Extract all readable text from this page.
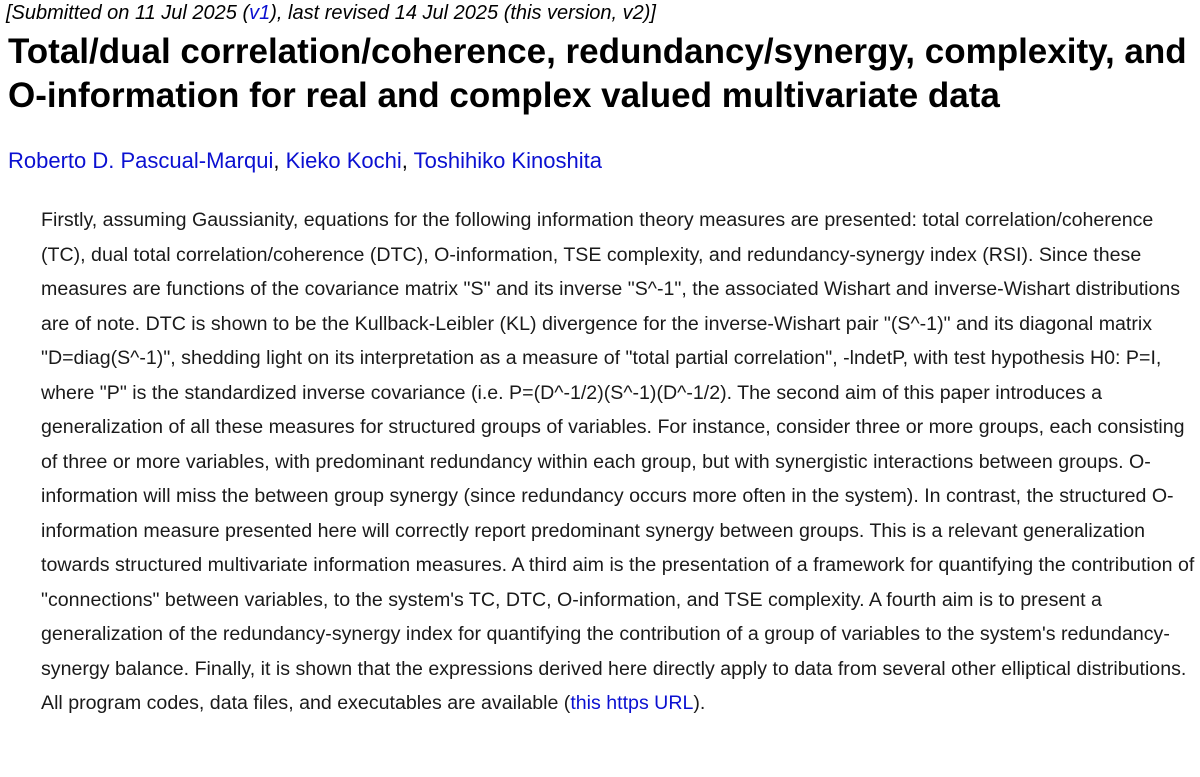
[Submitted on 11 Jul 2025 (v1), last revised 14 Jul 2025 (this version, v2)]
Total/dual correlation/coherence, redundancy/synergy, complexity, and O-information for real and complex valued multivariate data
Roberto D. Pascual-Marqui, Kieko Kochi, Toshihiko Kinoshita

Firstly, assuming Gaussianity, equations for the following information theory measures are presented: total correlation/coherence (TC), dual total correlation/coherence (DTC), O-information, TSE complexity, and redundancy-synergy index (RSI). Since these measures are functions of the covariance matrix "S" and its inverse "S^-1", the associated Wishart and inverse-Wishart distributions are of note. DTC is shown to be the Kullback-Leibler (KL) divergence for the inverse-Wishart pair "(S^-1)" and its diagonal matrix "D=diag(S^-1)", shedding light on its interpretation as a measure of "total partial correlation", -lndetP, with test hypothesis H0: P=I, where "P" is the standardized inverse covariance (i.e. P=(D^-1/2)(S^-1)(D^-1/2). The second aim of this paper introduces a generalization of all these measures for structured groups of variables. For instance, consider three or more groups, each consisting of three or more variables, with predominant redundancy within each group, but with synergistic interactions between groups. O-information will miss the between group synergy (since redundancy occurs more often in the system). In contrast, the structured O-information measure presented here will correctly report predominant synergy between groups. This is a relevant generalization towards structured multivariate information measures. A third aim is the presentation of a framework for quantifying the contribution of "connections" between variables, to the system's TC, DTC, O-information, and TSE complexity. A fourth aim is to present a generalization of the redundancy-synergy index for quantifying the contribution of a group of variables to the system's redundancy-synergy balance. Finally, it is shown that the expressions derived here directly apply to data from several other elliptical distributions. All program codes, data files, and executables are available (this https URL).
